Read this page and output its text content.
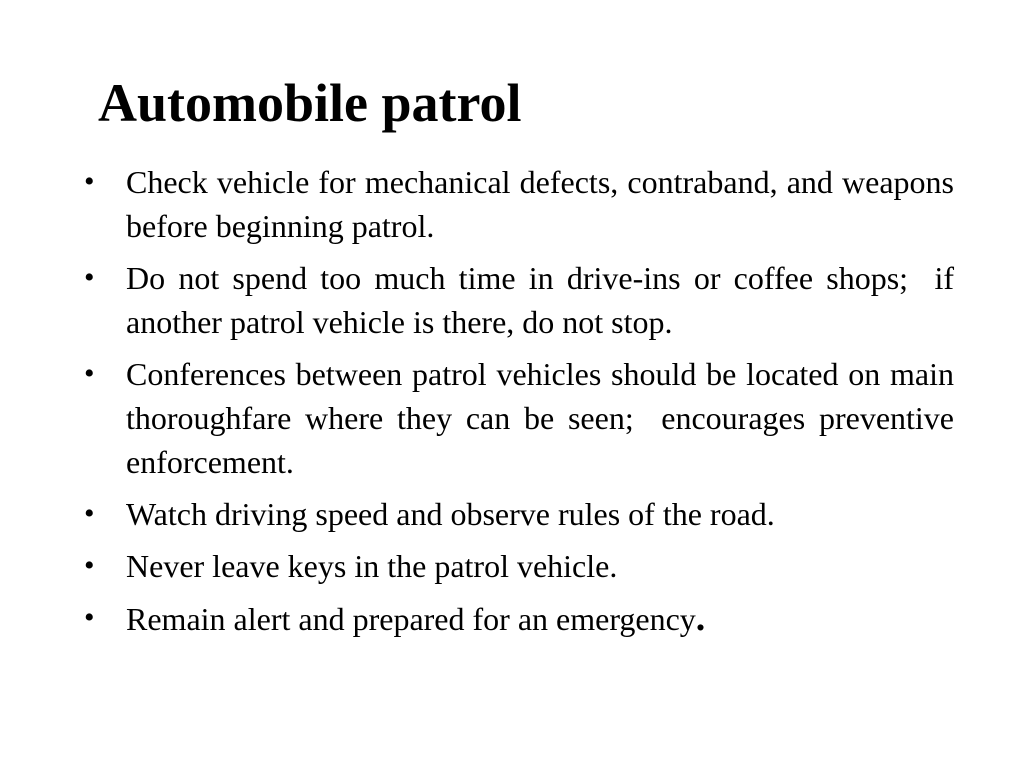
Automobile patrol
• Check vehicle for mechanical defects, contraband, and weapons before beginning patrol.
• Do not spend too much time in drive-ins or coffee shops;  if another patrol vehicle is there, do not stop.
• Conferences between patrol vehicles should be located on main thoroughfare where they can be seen;  encourages preventive enforcement.
• Watch driving speed and observe rules of the road.
• Never leave keys in the patrol vehicle.
• Remain alert and prepared for an emergency.
